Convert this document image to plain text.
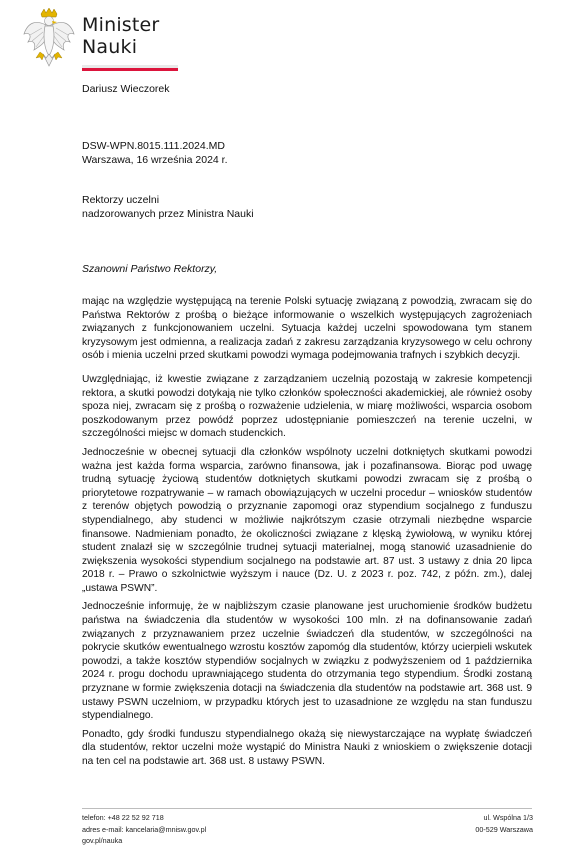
Minister
Nauki
Dariusz Wieczorek
DSW-WPN.8015.111.2024.MD
Warszawa, 16 września 2024 r.
Rektorzy uczelni
nadzorowanych przez Ministra Nauki
Szanowni Państwo Rektorzy,

mając na względzie występującą na terenie Polski sytuację związaną z powodzią, zwracam się do Państwa Rektorów z prośbą o bieżące informowanie o wszelkich występujących zagrożeniach związanych z funkcjonowaniem uczelni. Sytuacja każdej uczelni spowodowana tym stanem kryzysowym jest odmienna, a realizacja zadań z zakresu zarządzania kryzysowego w celu ochrony osób i mienia uczelni przed skutkami powodzi wymaga podejmowania trafnych i szybkich decyzji.

Uwzględniając, iż kwestie związane z zarządzaniem uczelnią pozostają w zakresie kompetencji rektora, a skutki powodzi dotykają nie tylko członków społeczności akademickiej, ale również osoby spoza niej, zwracam się z prośbą o rozważenie udzielenia, w miarę możliwości, wsparcia osobom poszkodowanym przez powódź poprzez udostępnianie pomieszczeń na terenie uczelni, w szczególności miejsc w domach studenckich.

Jednocześnie w obecnej sytuacji dla członków wspólnoty uczelni dotkniętych skutkami powodzi ważna jest każda forma wsparcia, zarówno finansowa, jak i pozafinansowa. Biorąc pod uwagę trudną sytuację życiową studentów dotkniętych skutkami powodzi zwracam się z prośbą o priorytetowe rozpatrywanie – w ramach obowiązujących w uczelni procedur – wniosków studentów z terenów objętych powodzią o przyznanie zapomogi oraz stypendium socjalnego z funduszu stypendialnego, aby studenci w możliwie najkrótszym czasie otrzymali niezbędne wsparcie finansowe. Nadmieniam ponadto, że okoliczności związane z klęską żywiołową, w wyniku której student znalazł się w szczególnie trudnej sytuacji materialnej, mogą stanowić uzasadnienie do zwiększenia wysokości stypendium socjalnego na podstawie art. 87 ust. 3 ustawy z dnia 20 lipca 2018 r. – Prawo o szkolnictwie wyższym i nauce (Dz. U. z 2023 r. poz. 742, z późn. zm.), dalej „ustawa PSWN”.

Jednocześnie informuję, że w najbliższym czasie planowane jest uruchomienie środków budżetu państwa na świadczenia dla studentów w wysokości 100 mln. zł na dofinansowanie zadań związanych z przyznawaniem przez uczelnie świadczeń dla studentów, w szczególności na pokrycie skutków ewentualnego wzrostu kosztów zapomóg dla studentów, którzy ucierpieli wskutek powodzi, a także kosztów stypendiów socjalnych w związku z podwyższeniem od 1 października 2024 r. progu dochodu uprawniającego studenta do otrzymania tego stypendium. Środki zostaną przyznane w formie zwiększenia dotacji na świadczenia dla studentów na podstawie art. 368 ust. 9 ustawy PSWN uczelniom, w przypadku których jest to uzasadnione ze względu na stan funduszu stypendialnego.

Ponadto, gdy środki funduszu stypendialnego okażą się niewystarczające na wypłatę świadczeń dla studentów, rektor uczelni może wystąpić do Ministra Nauki z wnioskiem o zwiększenie dotacji na ten cel na podstawie art. 368 ust. 8 ustawy PSWN.

telefon: +48 22 52 92 718
adres e-mail: kancelaria@mnisw.gov.pl
gov.pl/nauka
ul. Wspólna 1/3
00-529 Warszawa
